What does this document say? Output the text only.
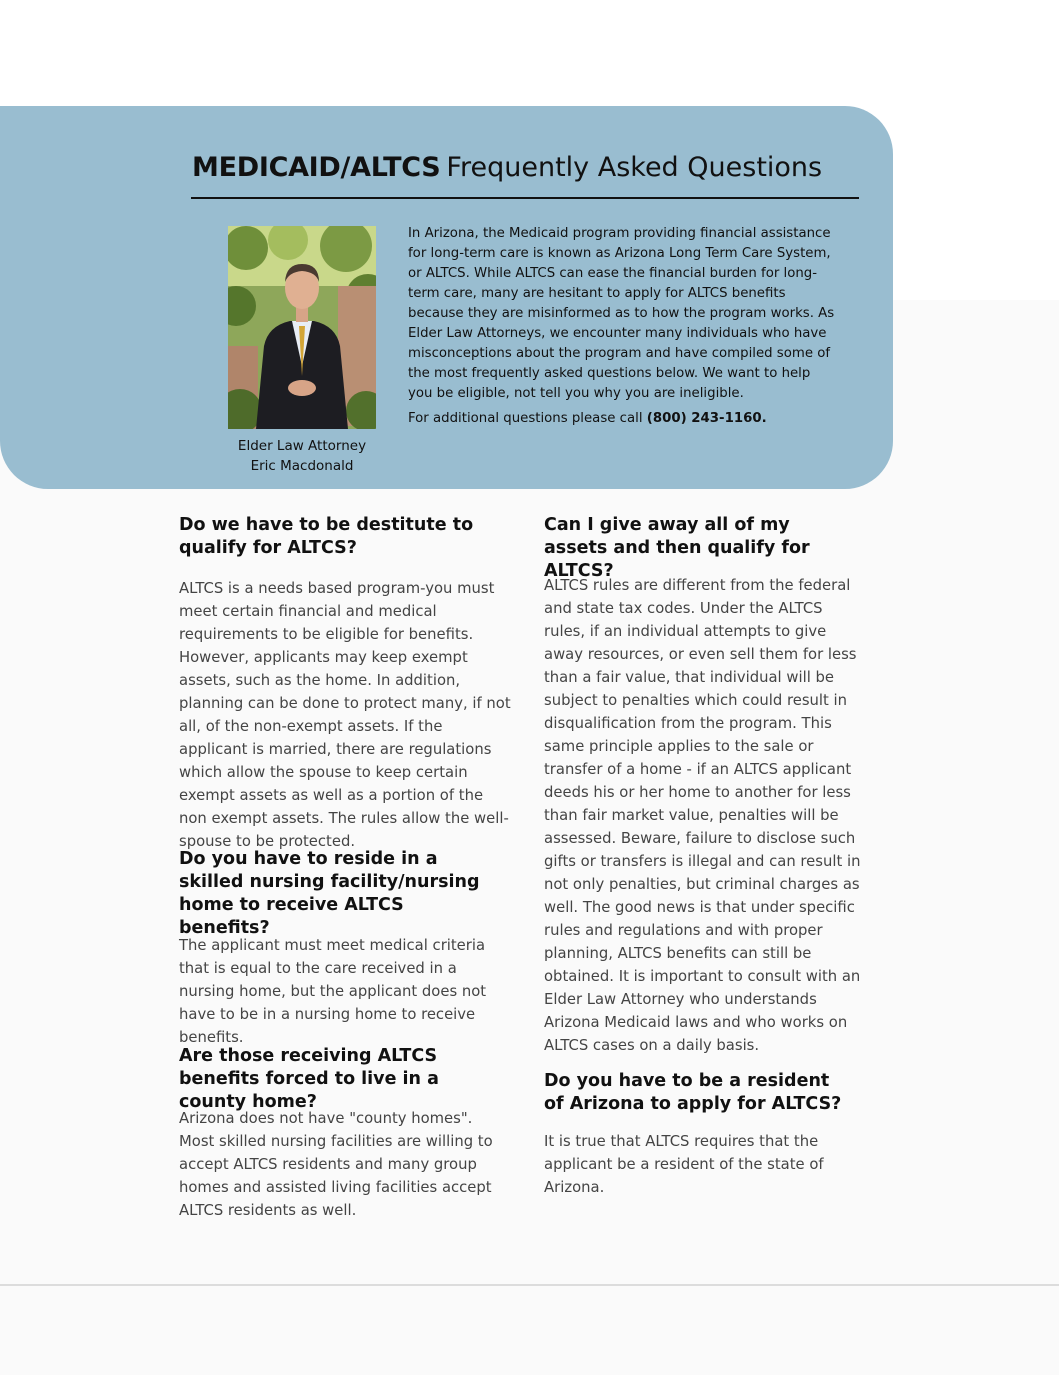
MEDICAID/ALTCS Frequently Asked Questions
Elder Law Attorney
Eric Macdonald

In Arizona, the Medicaid program providing financial assistance for long-term care is known as Arizona Long Term Care System, or ALTCS. While ALTCS can ease the financial burden for long-term care, many are hesitant to apply for ALTCS benefits because they are misinformed as to how the program works. As Elder Law Attorneys, we encounter many individuals who have misconceptions about the program and have compiled some of the most frequently asked questions below. We want to help you be eligible, not tell you why you are ineligible.

For additional questions please call (800) 243-1160.

Do we have to be destitute to qualify for ALTCS?
ALTCS is a needs based program-you must meet certain financial and medical requirements to be eligible for benefits. However, applicants may keep exempt assets, such as the home. In addition, planning can be done to protect many, if not all, of the non-exempt assets. If the applicant is married, there are regulations which allow the spouse to keep certain exempt assets as well as a portion of the non exempt assets. The rules allow the well-spouse to be protected.
Do you have to reside in a skilled nursing facility/nursing home to receive ALTCS benefits?
The applicant must meet medical criteria that is equal to the care received in a nursing home, but the applicant does not have to be in a nursing home to receive benefits.
Are those receiving ALTCS benefits forced to live in a county home?
Arizona does not have "county homes". Most skilled nursing facilities are willing to accept ALTCS residents and many group homes and assisted living facilities accept ALTCS residents as well.
Can I give away all of my assets and then qualify for ALTCS?
ALTCS rules are different from the federal and state tax codes. Under the ALTCS rules, if an individual attempts to give away resources, or even sell them for less than a fair value, that individual will be subject to penalties which could result in disqualification from the program. This same principle applies to the sale or transfer of a home - if an ALTCS applicant deeds his or her home to another for less than fair market value, penalties will be assessed. Beware, failure to disclose such gifts or transfers is illegal and can result in not only penalties, but criminal charges as well. The good news is that under specific rules and regulations and with proper planning, ALTCS benefits can still be obtained. It is important to consult with an Elder Law Attorney who understands Arizona Medicaid laws and who works on ALTCS cases on a daily basis.
Do you have to be a resident of Arizona to apply for ALTCS?
It is true that ALTCS requires that the applicant be a resident of the state of Arizona.
